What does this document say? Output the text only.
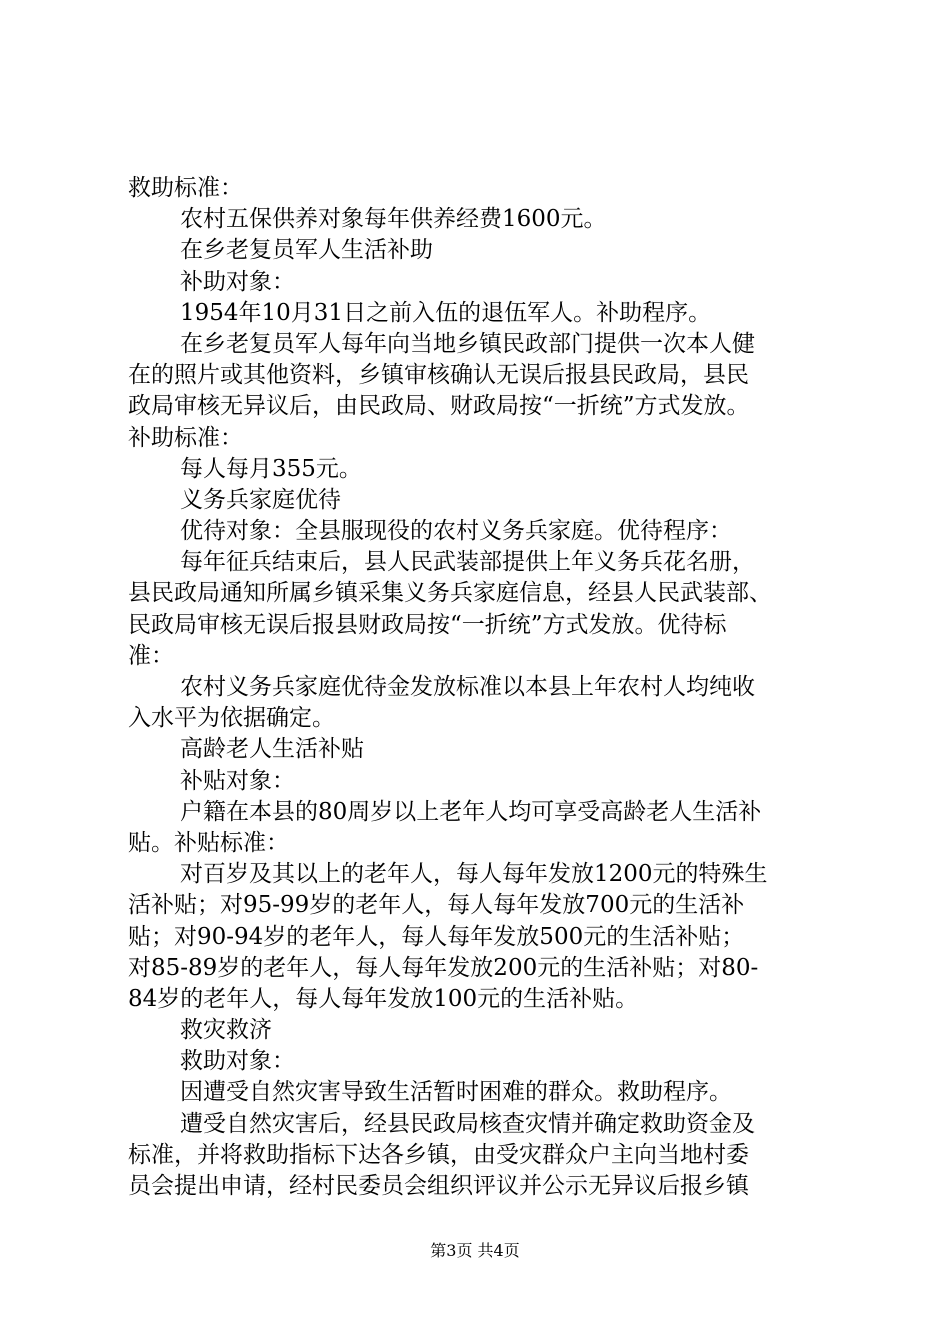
救助标准：
农村五保供养对象每年供养经费1600元。
在乡老复员军人生活补助
补助对象：
1954年10月31日之前入伍的退伍军人。补助程序。
在乡老复员军人每年向当地乡镇民政部门提供一次本人健
在的照片或其他资料，乡镇审核确认无误后报县民政局，县民
政局审核无异议后，由民政局、财政局按“一折统”方式发放。
补助标准：
每人每月355元。
义务兵家庭优待
优待对象：全县服现役的农村义务兵家庭。优待程序：
每年征兵结束后，县人民武装部提供上年义务兵花名册，
县民政局通知所属乡镇采集义务兵家庭信息，经县人民武装部、
民政局审核无误后报县财政局按“一折统”方式发放。优待标
准：
农村义务兵家庭优待金发放标准以本县上年农村人均纯收
入水平为依据确定。
高龄老人生活补贴
补贴对象：
户籍在本县的80周岁以上老年人均可享受高龄老人生活补
贴。补贴标准：
对百岁及其以上的老年人，每人每年发放1200元的特殊生
活补贴；对95-99岁的老年人，每人每年发放700元的生活补
贴；对90-94岁的老年人，每人每年发放500元的生活补贴；
对85-89岁的老年人，每人每年发放200元的生活补贴；对80-
84岁的老年人，每人每年发放100元的生活补贴。
救灾救济
救助对象：
因遭受自然灾害导致生活暂时困难的群众。救助程序。
遭受自然灾害后，经县民政局核查灾情并确定救助资金及
标准，并将救助指标下达各乡镇，由受灾群众户主向当地村委
员会提出申请，经村民委员会组织评议并公示无异议后报乡镇
第3页 共4页
